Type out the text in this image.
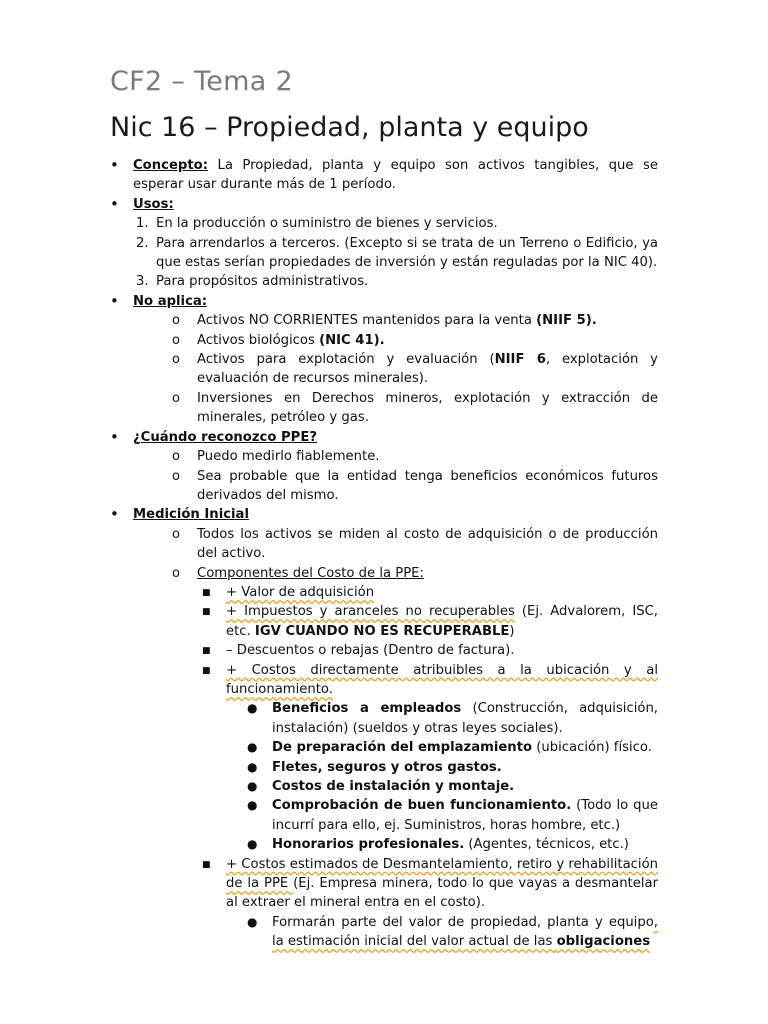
CF2 – Tema 2
Nic 16 – Propiedad, planta y equipo
• Concepto: La Propiedad, planta y equipo son activos tangibles, que se esperar usar durante más de 1 período.
• Usos:
1. En la producción o suministro de bienes y servicios.
2. Para arrendarlos a terceros. (Excepto si se trata de un Terreno o Edificio, ya que estas serían propiedades de inversión y están reguladas por la NIC 40).
3. Para propósitos administrativos.
• No aplica:
o Activos NO CORRIENTES mantenidos para la venta (NIIF 5).
o Activos biológicos (NIC 41).
o Activos para explotación y evaluación (NIIF 6, explotación y evaluación de recursos minerales).
o Inversiones en Derechos mineros, explotación y extracción de minerales, petróleo y gas.
• ¿Cuándo reconozco PPE?
o Puedo medirlo fiablemente.
o Sea probable que la entidad tenga beneficios económicos futuros derivados del mismo.
• Medición Inicial
o Todos los activos se miden al costo de adquisición o de producción del activo.
o Componentes del Costo de la PPE:
■ + Valor de adquisición
■ + Impuestos y aranceles no recuperables (Ej. Advalorem, ISC, etc. IGV CUANDO NO ES RECUPERABLE)
■ – Descuentos o rebajas (Dentro de factura).
■ + Costos directamente atribuibles a la ubicación y al funcionamiento.
● Beneficios a empleados (Construcción, adquisición, instalación) (sueldos y otras leyes sociales).
● De preparación del emplazamiento (ubicación) físico.
● Fletes, seguros y otros gastos.
● Costos de instalación y montaje.
● Comprobación de buen funcionamiento. (Todo lo que incurrí para ello, ej. Suministros, horas hombre, etc.)
● Honorarios profesionales. (Agentes, técnicos, etc.)
■ + Costos estimados de Desmantelamiento, retiro y rehabilitación de la PPE (Ej. Empresa minera, todo lo que vayas a desmantelar al extraer el mineral entra en el costo).
● Formarán parte del valor de propiedad, planta y equipo, la estimación inicial del valor actual de las obligaciones
